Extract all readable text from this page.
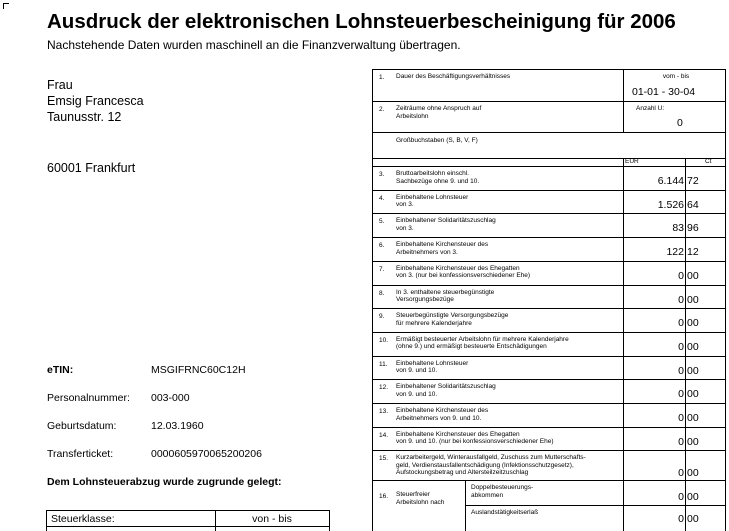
Ausdruck der elektronischen Lohnsteuerbescheinigung für 2006
Nachstehende Daten wurden maschinell an die Finanzverwaltung übertragen.
Frau
Emsig Francesca
Taunusstr. 12
60001 Frankfurt
eTIN:	MSGIFRNC60C12H
Personalnummer: 003-000
Geburtsdatum:	12.03.1960
Transferticket:	0000605970065200206
Dem Lohnsteuerabzug wurde zugrunde gelegt:
Steuerklasse:	von - bis
1. Dauer des Beschäftigungsverhältnisses	vom - bis
01-01 - 30-04
2. Zeiträume ohne Anspruch auf
Arbeitslohn
Anzahl U:
0
Großbuchstaben (S, B, V, F)
EUR	Ct
3. Bruttoarbeitslohn einschl.
Sachbezüge ohne 9. und 10.	6.144 72
4. Einbehaltene Lohnsteuer
von 3.	1.526 64
5. Einbehaltener Solidaritätszuschlag
von 3.	83 96
6. Einbehaltene Kirchensteuer des
Arbeitnehmers von 3.	122 12
7. Einbehaltene Kirchensteuer des Ehegatten
von 3. (nur bei konfessionsverschiedener Ehe)	0 00
8. In 3. enthaltene steuerbegünstigte
Versorgungsbezüge	0 00
9. Steuerbegünstigte Versorgungsbezüge
für mehrere Kalenderjahre	0 00
10. Ermäßigt besteuerter Arbeitslohn für mehrere Kalenderjahre
(ohne 9.) und ermäßigt besteuerte Entschädigungen	0 00
11. Einbehaltene Lohnsteuer
von 9. und 10.	0 00
12. Einbehaltener Solidaritätszuschlag
von 9. und 10.	0 00
13. Einbehaltene Kirchensteuer des
Arbeitnehmers von 9. und 10.	0 00
14. Einbehaltene Kirchensteuer des Ehegatten
von 9. und 10. (nur bei konfessionsverschiedener Ehe)	0 00
15. Kurzarbeitergeld, Winterausfallgeld, Zuschuss zum Mutterschafts-
geld, Verdienstausfallentschädigung (Infektionsschutzgesetz),
Aufstockungsbetrag und Altersteilzeitzuschlag	0 00
16. Steuerfreier
Arbeitslohn nach
Doppelbesteuerungs-
abkommen	0 00
Auslandstätigkeitserlaß
0 00
